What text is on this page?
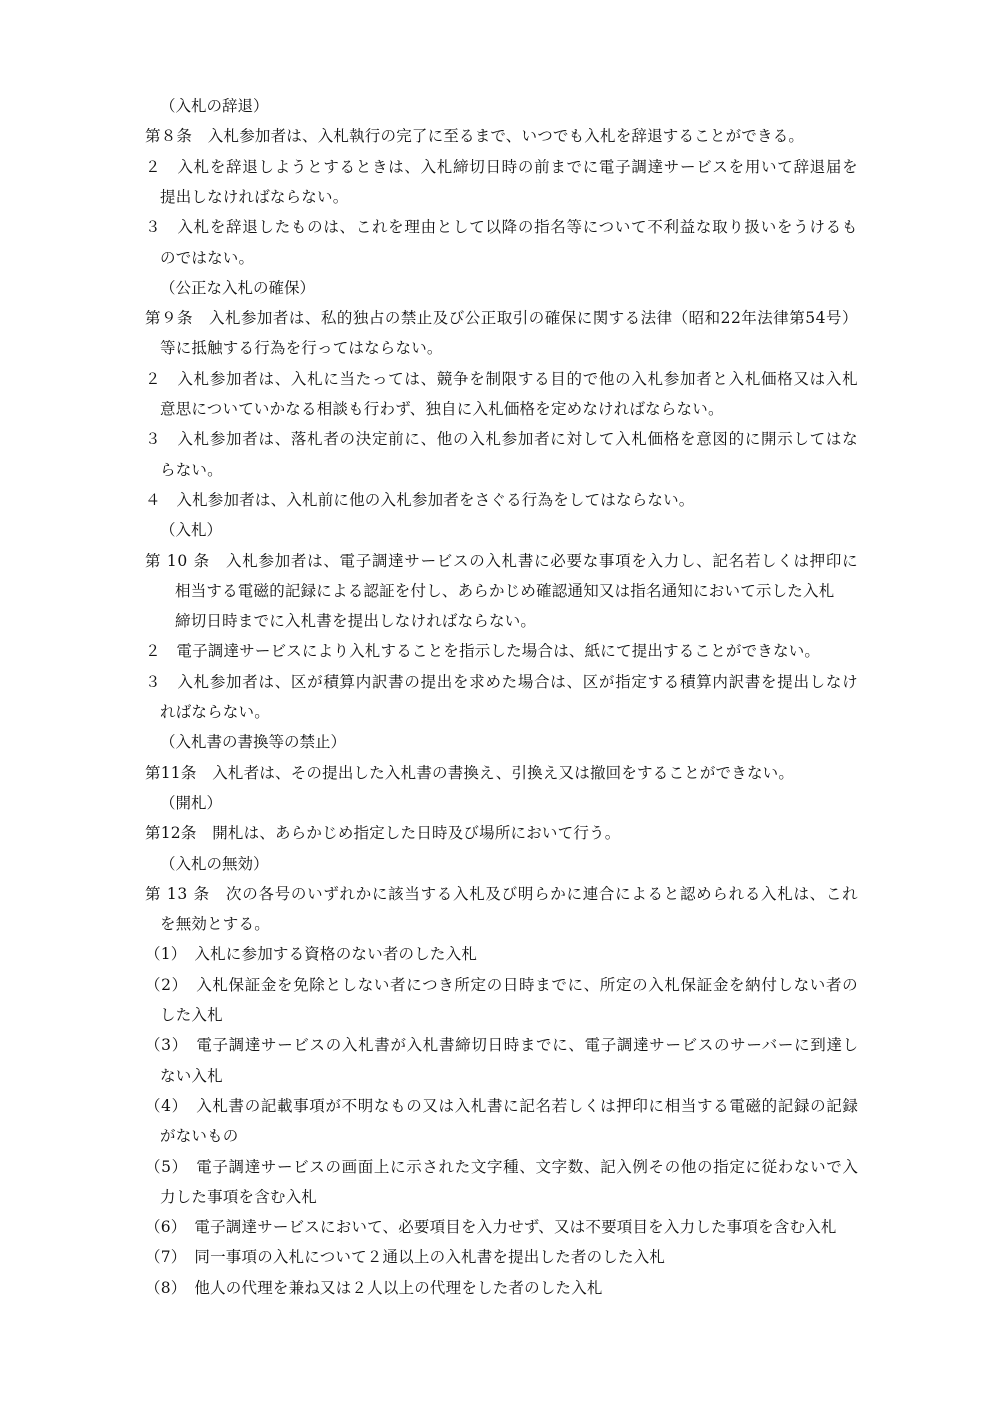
（入札の辞退）
第８条　入札参加者は、入札執行の完了に至るまで、いつでも入札を辞退することができる。
２　入札を辞退しようとするときは、入札締切日時の前までに電子調達サービスを用いて辞退届を
提出しなければならない。
３　入札を辞退したものは、これを理由として以降の指名等について不利益な取り扱いをうけるも
のではない。
（公正な入札の確保）
第９条　入札参加者は、私的独占の禁止及び公正取引の確保に関する法律（昭和22年法律第54号）
等に抵触する行為を行ってはならない。
２　入札参加者は、入札に当たっては、競争を制限する目的で他の入札参加者と入札価格又は入札
意思についていかなる相談も行わず、独自に入札価格を定めなければならない。
３　入札参加者は、落札者の決定前に、他の入札参加者に対して入札価格を意図的に開示してはな
らない。
４　入札参加者は、入札前に他の入札参加者をさぐる行為をしてはならない。
（入札）
第 10 条　入札参加者は、電子調達サービスの入札書に必要な事項を入力し、記名若しくは押印に
相当する電磁的記録による認証を付し、あらかじめ確認通知又は指名通知において示した入札
締切日時までに入札書を提出しなければならない。
２　電子調達サービスにより入札することを指示した場合は、紙にて提出することができない。
３　入札参加者は、区が積算内訳書の提出を求めた場合は、区が指定する積算内訳書を提出しなけ
ればならない。
（入札書の書換等の禁止）
第11条　入札者は、その提出した入札書の書換え、引換え又は撤回をすることができない。
（開札）
第12条　開札は、あらかじめ指定した日時及び場所において行う。
（入札の無効）
第 13 条　次の各号のいずれかに該当する入札及び明らかに連合によると認められる入札は、これ
を無効とする。
（1）　入札に参加する資格のない者のした入札
（2）　入札保証金を免除としない者につき所定の日時までに、所定の入札保証金を納付しない者の
した入札
（3）　電子調達サービスの入札書が入札書締切日時までに、電子調達サービスのサーバーに到達し
ない入札
（4）　入札書の記載事項が不明なもの又は入札書に記名若しくは押印に相当する電磁的記録の記録
がないもの
（5）　電子調達サービスの画面上に示された文字種、文字数、記入例その他の指定に従わないで入
力した事項を含む入札
（6）　電子調達サービスにおいて、必要項目を入力せず、又は不要項目を入力した事項を含む入札
（7）　同一事項の入札について２通以上の入札書を提出した者のした入札
（8）　他人の代理を兼ね又は２人以上の代理をした者のした入札
